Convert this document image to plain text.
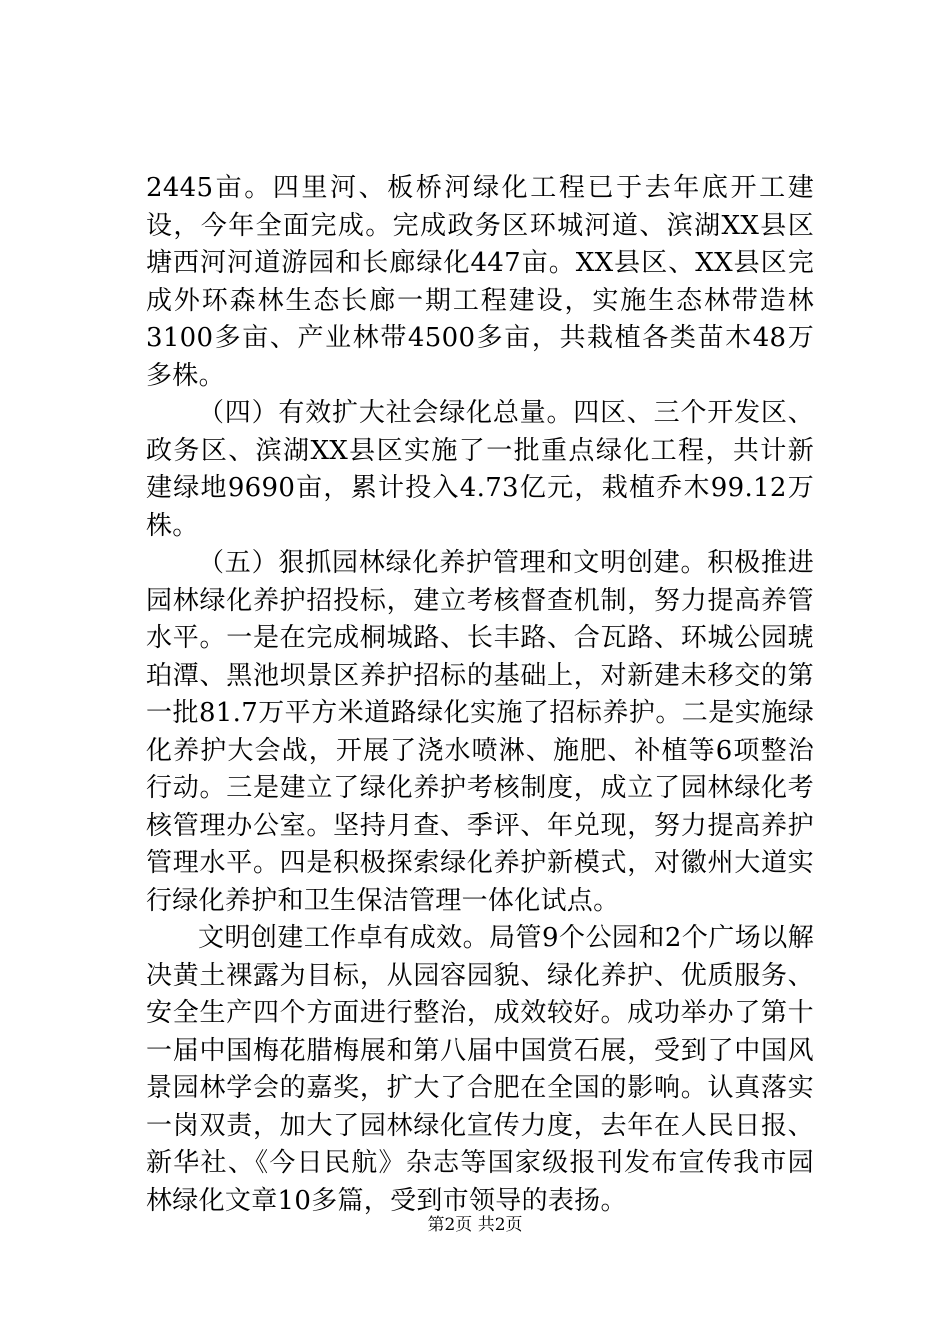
2445亩。四里河、板桥河绿化工程已于去年底开工建设，今年全面完成。完成政务区环城河道、滨湖XX县区塘西河河道游园和长廊绿化447亩。XX县区、XX县区完成外环森林生态长廊一期工程建设，实施生态林带造林3100多亩、产业林带4500多亩，共栽植各类苗木48万多株。

（四）有效扩大社会绿化总量。四区、三个开发区、政务区、滨湖XX县区实施了一批重点绿化工程，共计新建绿地9690亩，累计投入4.73亿元，栽植乔木99.12万株。

（五）狠抓园林绿化养护管理和文明创建。积极推进园林绿化养护招投标，建立考核督查机制，努力提高养管水平。一是在完成桐城路、长丰路、合瓦路、环城公园琥珀潭、黑池坝景区养护招标的基础上，对新建未移交的第一批81.7万平方米道路绿化实施了招标养护。二是实施绿化养护大会战，开展了浇水喷淋、施肥、补植等6项整治行动。三是建立了绿化养护考核制度，成立了园林绿化考核管理办公室。坚持月查、季评、年兑现，努力提高养护管理水平。四是积极探索绿化养护新模式，对徽州大道实行绿化养护和卫生保洁管理一体化试点。

文明创建工作卓有成效。局管9个公园和2个广场以解决黄土裸露为目标，从园容园貌、绿化养护、优质服务、安全生产四个方面进行整治，成效较好。成功举办了第十一届中国梅花腊梅展和第八届中国赏石展，受到了中国风景园林学会的嘉奖，扩大了合肥在全国的影响。认真落实一岗双责，加大了园林绿化宣传力度，去年在人民日报、新华社、《今日民航》杂志等国家级报刊发布宣传我市园林绿化文章10多篇，受到市领导的表扬。

第2页 共2页
